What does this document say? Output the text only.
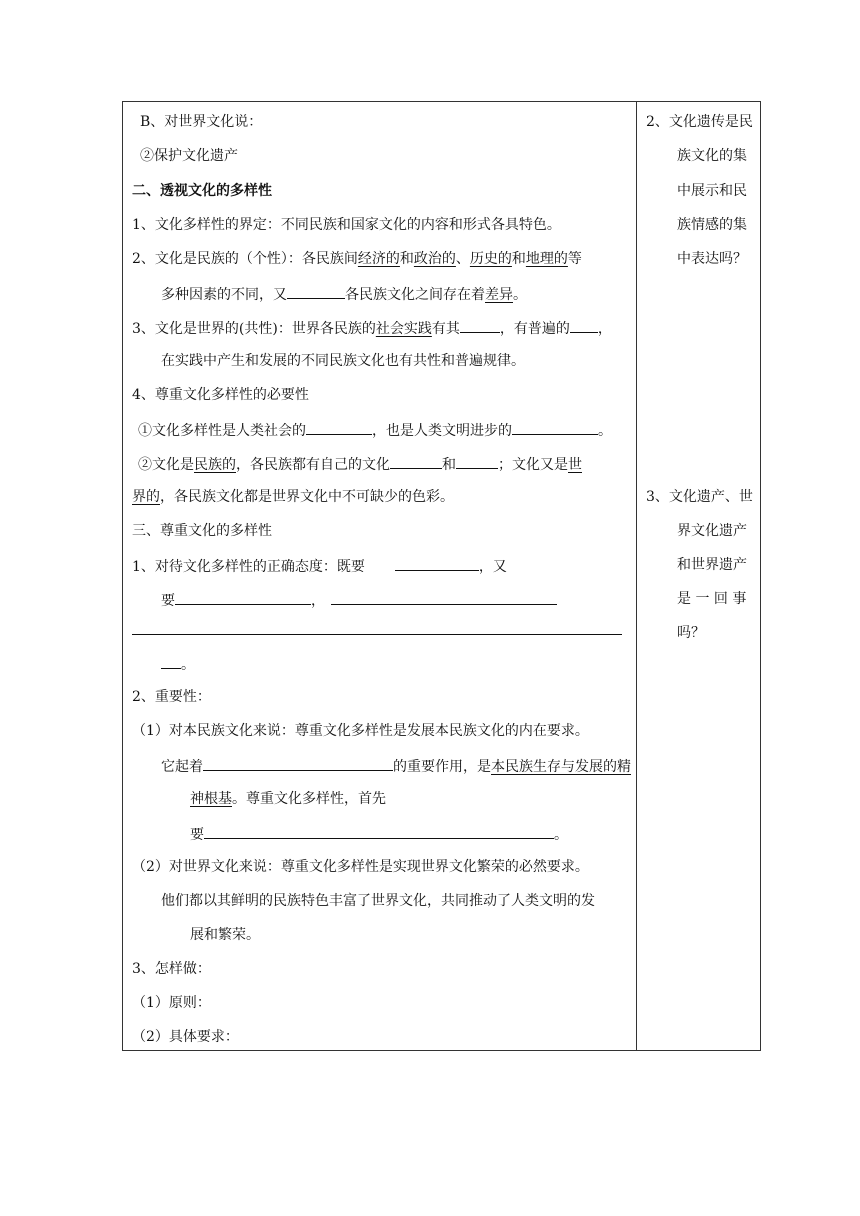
B、对世界文化说：
②保护文化遗产
二、透视文化的多样性
1、文化多样性的界定：不同民族和国家文化的内容和形式各具特色。
2、文化是民族的（个性）：各民族间经济的和政治的、历史的和地理的等
多种因素的不同，又	各民族文化之间存在着差异。
3、文化是世界的(共性)：世界各民族的社会实践有其	，有普遍的 ，
在实践中产生和发展的不同民族文化也有共性和普遍规律。
4、尊重文化多样性的必要性
①文化多样性是人类社会的	，也是人类文明进步的	。
②文化是民族的，各民族都有自己的文化	和	；文化又是世
界的，各民族文化都是世界文化中不可缺少的色彩。
三、尊重文化的多样性
1、对待文化多样性的正确态度：既要	，又
要	，
。
2、重要性：
（1）对本民族文化来说：尊重文化多样性是发展本民族文化的内在要求。
它起着	的重要作用，是本民族生存与发展的精
神根基。尊重文化多样性，首先
要	。
（2）对世界文化来说：尊重文化多样性是实现世界文化繁荣的必然要求。
他们都以其鲜明的民族特色丰富了世界文化，共同推动了人类文明的发
展和繁荣。
3、怎样做：
（1）原则：
（2）具体要求：
2、文化遗传是民
族文化的集
中展示和民
族情感的集
中表达吗？
3、文化遗产、世
界文化遗产
和世界遗产
是 一 回 事
吗？
